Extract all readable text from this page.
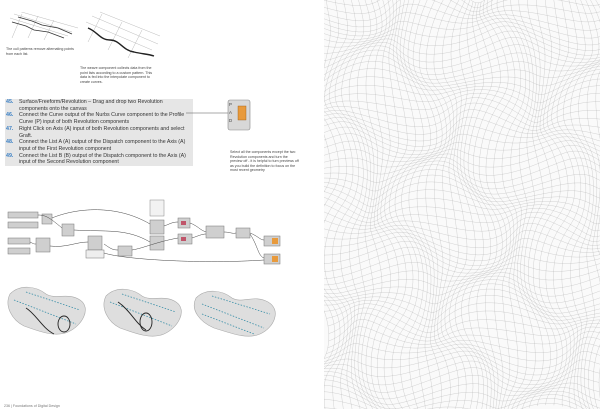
The cull patterns remove alternating points from each list.
The weave component collects data from the point lists according to a custom pattern. This data is fed into the interpolate component to create curves.
45.	Surface/Freeform/Revolution – Drag and drop two Revolution components onto the canvas
46.	Connect the Curve output of the Nurbs Curve component to the Profile Curve (P) input of both Revolution components
47.	Right Click on Axis (A) input of both Revolution components and select Graft.
48.	Connect the List A (A) output of the Dispatch component to the Axis (A) input of the First Revolution component
49.	Connect the List B (B) output of the Dispatch component to the Axis (A) input of the Second Revolution component
P
A
D
Select all the components except the two Revolution components and turn the preview off - it is helpful to turn previews off as you build the definition to focus on the most recent geometry
236 | Foundations of Digital Design
